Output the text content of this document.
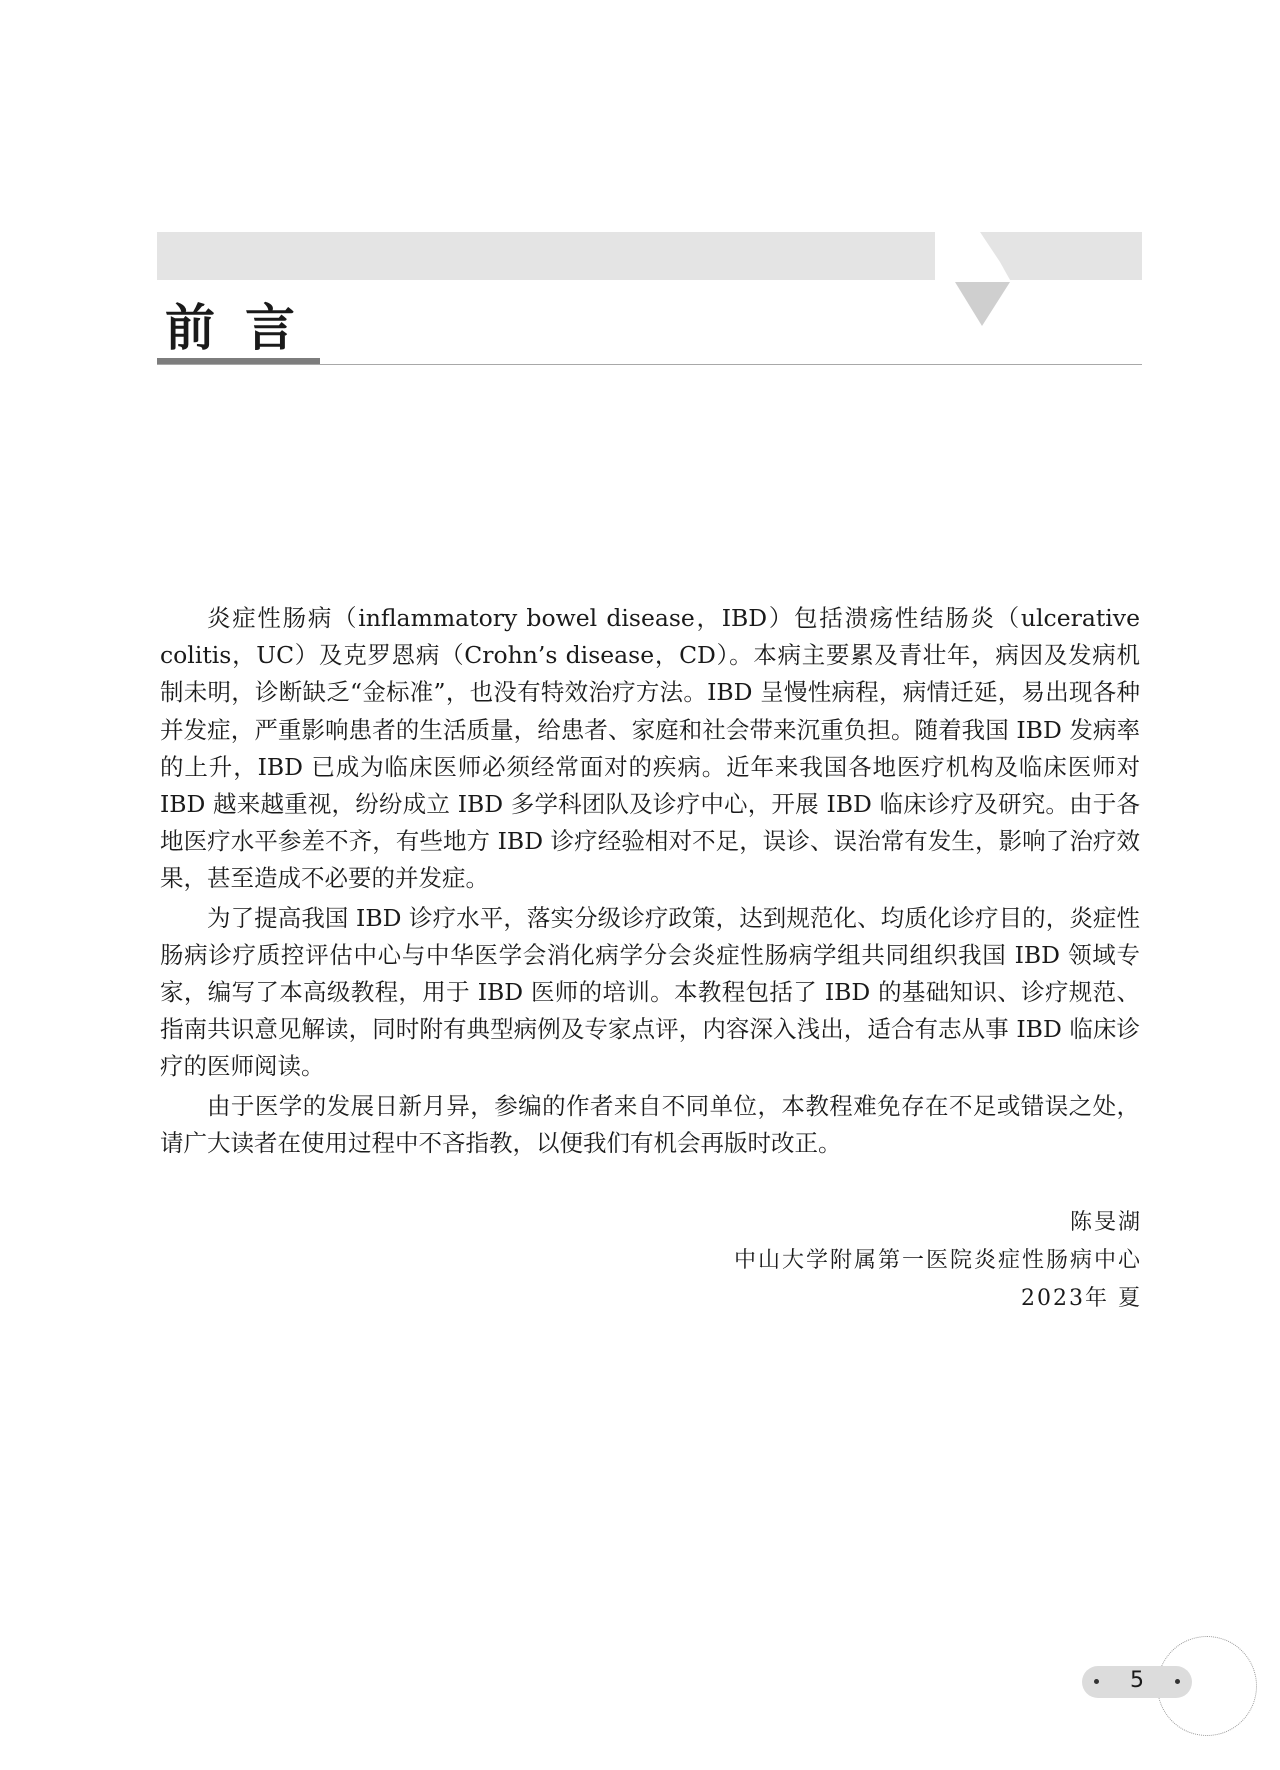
前言

炎症性肠病（inflammatory bowel disease，IBD）包括溃疡性结肠炎（ulcerative colitis，UC）及克罗恩病（Crohn’s disease，CD）。本病主要累及青壮年，病因及发病机制未明，诊断缺乏“金标准”，也没有特效治疗方法。IBD 呈慢性病程，病情迁延，易出现各种并发症，严重影响患者的生活质量，给患者、家庭和社会带来沉重负担。随着我国 IBD 发病率的上升，IBD 已成为临床医师必须经常面对的疾病。近年来我国各地医疗机构及临床医师对 IBD 越来越重视，纷纷成立 IBD 多学科团队及诊疗中心，开展 IBD 临床诊疗及研究。由于各地医疗水平参差不齐，有些地方 IBD 诊疗经验相对不足，误诊、误治常有发生，影响了治疗效果，甚至造成不必要的并发症。

为了提高我国 IBD 诊疗水平，落实分级诊疗政策，达到规范化、均质化诊疗目的，炎症性肠病诊疗质控评估中心与中华医学会消化病学分会炎症性肠病学组共同组织我国 IBD 领域专家，编写了本高级教程，用于 IBD 医师的培训。本教程包括了 IBD 的基础知识、诊疗规范、指南共识意见解读，同时附有典型病例及专家点评，内容深入浅出，适合有志从事 IBD 临床诊疗的医师阅读。

由于医学的发展日新月异，参编的作者来自不同单位，本教程难免存在不足或错误之处，请广大读者在使用过程中不吝指教，以便我们有机会再版时改正。

陈旻湖
中山大学附属第一医院炎症性肠病中心
2023年 夏
5
